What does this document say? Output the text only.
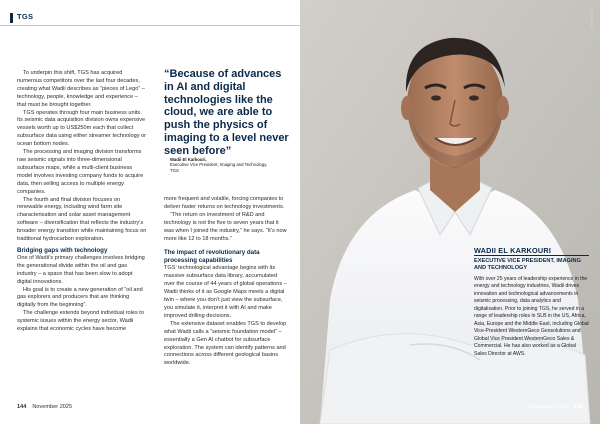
TGS

To underpin this shift, TGS has acquired numerous competitors over the last four decades, creating what Wadii describes as “pieces of Lego” – technology, people, knowledge and experience – that must be brought together.

TGS operates through four main business units. Its seismic data acquisition division owns expensive vessels worth up to US$250m each that collect subsurface data using either streamer technology or ocean bottom nodes.

The processing and imaging division transforms raw seismic signals into three-dimensional subsurface maps, while a multi-client business model involves investing company funds to acquire data, then selling access to multiple energy companies.

The fourth and final division focuses on renewable energy, including wind farm site characterisation and solar asset management software – diversification that reflects the industry’s broader energy transition while maintaining focus on traditional hydrocarbon exploration.

Bridging gaps with technology

One of Wadii’s primary challenges involves bridging the generational divide within the oil and gas industry – a space that has been slow to adopt digital innovations.

His goal is to create a new generation of “oil and gas explorers and producers that are thinking digitally from the beginning”.

The challenge extends beyond individual roles to systemic issues within the energy sector, Wadii explains that economic cycles have become

“Because of advances in AI and digital technologies like the cloud, we are able to push the physics of imaging to a level never seen before”
Wadii El Karkouri,
Executive Vice President, Imaging and Technology,
TGS

more frequent and volatile, forcing companies to deliver faster returns on technology investments.

“The return on investment of R&D and technology is not the five to seven years that it was when I joined the industry,” he says. “It’s now more like 12 to 18 months.”

The impact of revolutionary data processing capabilities

TGS’ technological advantage begins with its massive subsurface data library, accumulated over the course of 44 years of global operations – Wadii thinks of it as Google Maps meets a digital twin – where you don’t just view the subsurface, you simulate it, interpret it with AI and make improved drilling decisions.

The extensive dataset enables TGS to develop what Wadii calls a “seismic foundation model” – essentially a Gen AI chatbot for subsurface exploration. The system can identify patterns and connections across different geological basins worldwide.

Credit: TGS
WADII EL KARKOURI
EXECUTIVE VICE PRESIDENT, IMAGING AND TECHNOLOGY
With over 25 years of leadership experience in the energy and technology industries, Wadii drives innovation and technological advancements in seismic processing, data analytics and digitalisation. Prior to joining TGS, he served in a range of leadership roles in SLB in the US, Africa, Asia, Europe and the Middle East, including Global Vice-President WesternGeco Geosolutions and Global Vice President WesternGeco Sales & Commercial. He has also worked as a Global Sales Director at AWS.
144 November 2025	aimagazine.com 145
